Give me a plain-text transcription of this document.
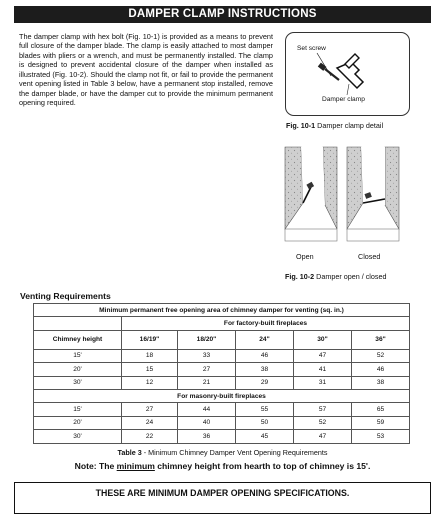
DAMPER CLAMP INSTRUCTIONS

The damper clamp with hex bolt (Fig. 10-1) is provided as a means to prevent full closure of the damper blade. The clamp is easily attached to most damper blades with pliers or a wrench, and must be permanently installed. The clamp is designed to prevent accidental closure of the damper when installed as illustrated (Fig. 10-2). Should the clamp not fit, or fail to provide the permanent vent opening listed in Table 3 below, have a permanent stop installed, remove the damper blade, or have the damper cut to provide the minimum permanent opening required.

Set screw
Damper clamp
Fig. 10-1 Damper clamp detail
Open	Closed
Fig. 10-2 Damper open / closed
Venting Requirements
Minimum permanent free opening area of chimney damper for venting (sq. in.)					
	For factory-built fireplaces				
Chimney height	16/19"	18/20"	24"	30"	36"
15'	18	33	46	47	52
20'	15	27	38	41	46
30'	12	21	29	31	38
For masonry-built fireplaces					
15'	27	44	55	57	65
20'	24	40	50	52	59
30'	22	36	45	47	53
Table 3 - Minimum Chimney Damper Vent Opening Requirements
Note: The minimum chimney height from hearth to top of chimney is 15'.
THESE ARE MINIMUM DAMPER OPENING SPECIFICATIONS.
